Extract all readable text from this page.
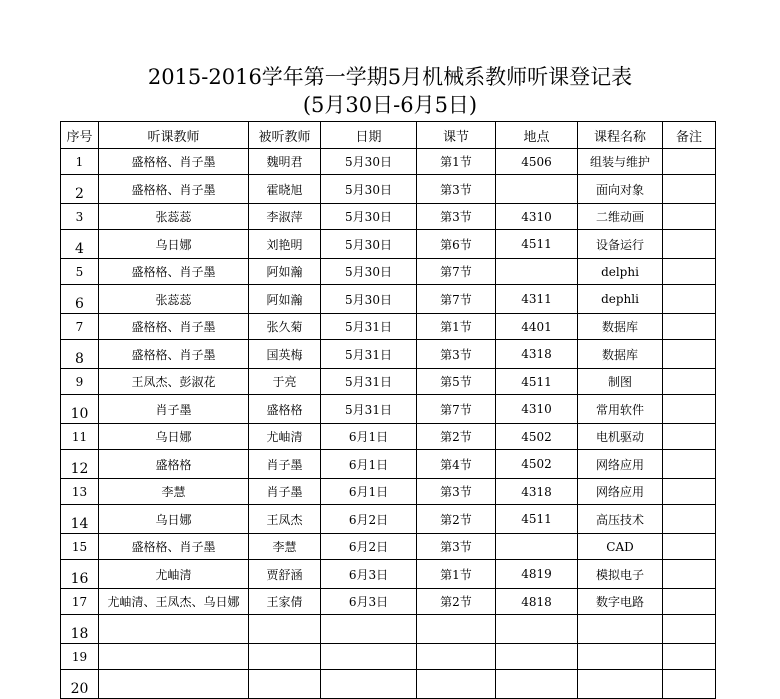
2015-2016学年第一学期5月机械系教师听课登记表
(5月30日-6月5日)
序号	听课教师	被听教师	日期	课节	地点	课程名称	备注
1	盛格格、肖子墨	魏明君	5月30日	第1节	4506	组装与维护	
2	盛格格、肖子墨	霍晓旭	5月30日	第3节		面向对象	
3	张蕊蕊	李淑萍	5月30日	第3节	4310	二维动画	
4	乌日娜	刘艳明	5月30日	第6节	4511	设备运行	
5	盛格格、肖子墨	阿如瀚	5月30日	第7节		delphi	
6	张蕊蕊	阿如瀚	5月30日	第7节	4311	dephli	
7	盛格格、肖子墨	张久菊	5月31日	第1节	4401	数据库	
8	盛格格、肖子墨	国英梅	5月31日	第3节	4318	数据库	
9	王凤杰、彭淑花	于亮	5月31日	第5节	4511	制图	
10	肖子墨	盛格格	5月31日	第7节	4310	常用软件	
11	乌日娜	尤岫清	6月1日	第2节	4502	电机驱动	
12	盛格格	肖子墨	6月1日	第4节	4502	网络应用	
13	李慧	肖子墨	6月1日	第3节	4318	网络应用	
14	乌日娜	王凤杰	6月2日	第2节	4511	高压技术	
15	盛格格、肖子墨	李慧	6月2日	第3节		CAD	
16	尤岫清	贾舒涵	6月3日	第1节	4819	模拟电子	
17	尤岫清、王凤杰、乌日娜	王家倩	6月3日	第2节	4818	数字电路	
18							
19							
20							
